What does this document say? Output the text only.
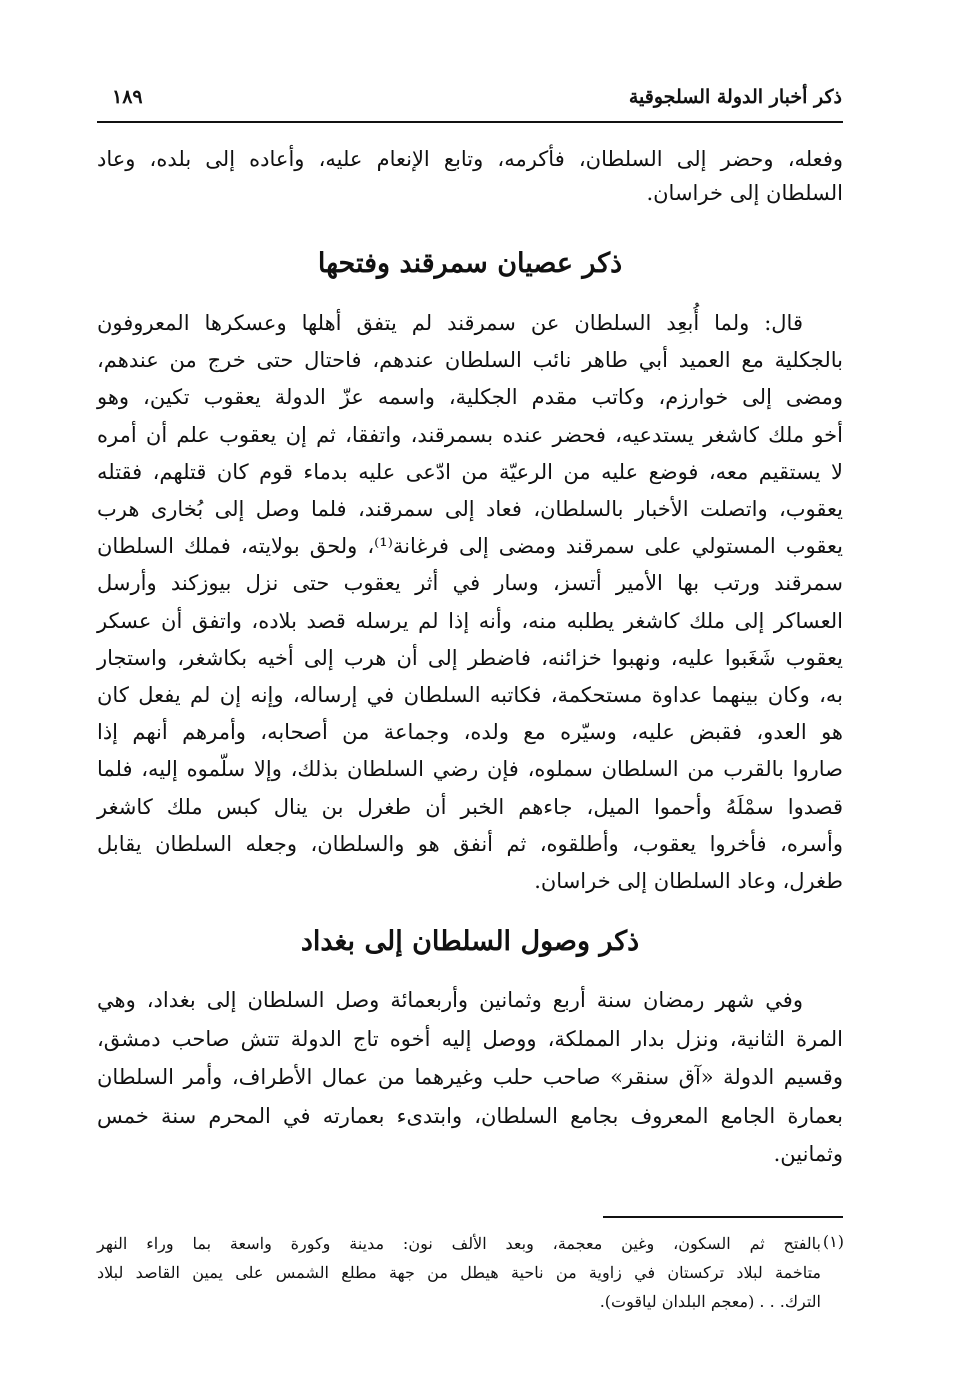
ذكر أخبار الدولة السلجوقية
١٨٩
وفعله، وحضر إلى السلطان، فأكرمه، وتابع الإنعام عليه، وأعاده إلى بلده، وعاد
السلطان إلى خراسان.
ذكر عصيان سمرقند وفتحها
قال: ولما أُبعِد السلطان عن سمرقند لم يتفق أهلها وعسكرها المعروفون
بالجكلية مع العميد أبي طاهر نائب السلطان عندهم، فاحتال حتى خرج من عندهم،
ومضى إلى خوارزم، وكاتب مقدم الجكلية، واسمه عزّ الدولة يعقوب تكين، وهو
أخو ملك كاشغر يستدعيه، فحضر عنده بسمرقند، واتفقا، ثم إن يعقوب علم أن أمره
لا يستقيم معه، فوضع عليه من الرعيّة من ادّعى عليه بدماء قوم كان قتلهم، فقتله
يعقوب، واتصلت الأخبار بالسلطان، فعاد إلى سمرقند، فلما وصل إلى بُخارى هرب
يعقوب المستولي على سمرقند ومضى إلى فرغانة⁽¹⁾، ولحق بولايته، فملك السلطان
سمرقند ورتب بها الأمير أتسز، وسار في أثر يعقوب حتى نزل بيوزكند وأرسل
العساكر إلى ملك كاشغر يطلبه منه، وأنه إذا لم يرسله قصد بلاده، واتفق أن عسكر
يعقوب شَغَبوا عليه، ونهبوا خزائنه، فاضطر إلى أن هرب إلى أخيه بكاشغر، واستجار
به، وكان بينهما عداوة مستحكمة، فكاتبه السلطان في إرساله، وإنه إن لم يفعل كان
هو العدو، فقبض عليه، وسيّره مع ولده، وجماعة من أصحابه، وأمرهم أنهم إذا
صاروا بالقرب من السلطان سملوه، فإن رضي السلطان بذلك، وإلا سلّموه إليه، فلما
قصدوا سمْلَهُ وأحموا الميل، جاءهم الخبر أن طغرل بن ينال كبس ملك كاشغر
وأسره، فأخروا يعقوب، وأطلقوه، ثم أنفق هو والسلطان، وجعله السلطان يقابل
طغرل، وعاد السلطان إلى خراسان.
ذكر وصول السلطان إلى بغداد
وفي شهر رمضان سنة أربع وثمانين وأربعمائة وصل السلطان إلى بغداد، وهي
المرة الثانية، ونزل بدار المملكة، ووصل إليه أخوه تاج الدولة تتش صاحب دمشق،
وقسيم الدولة «آق سنقر» صاحب حلب وغيرهما من عمال الأطراف، وأمر السلطان
بعمارة الجامع المعروف بجامع السلطان، وابتدىء بعمارته في المحرم سنة خمس
وثمانين.
(١)
بالفتح ثم السكون، وغين معجمة، وبعد الألف نون: مدينة وكورة واسعة بما وراء النهر
متاخمة لبلاد تركستان في زاوية من ناحية هيطل من جهة مطلع الشمس على يمين القاصد لبلاد
الترك. . . (معجم البلدان لياقوت).
